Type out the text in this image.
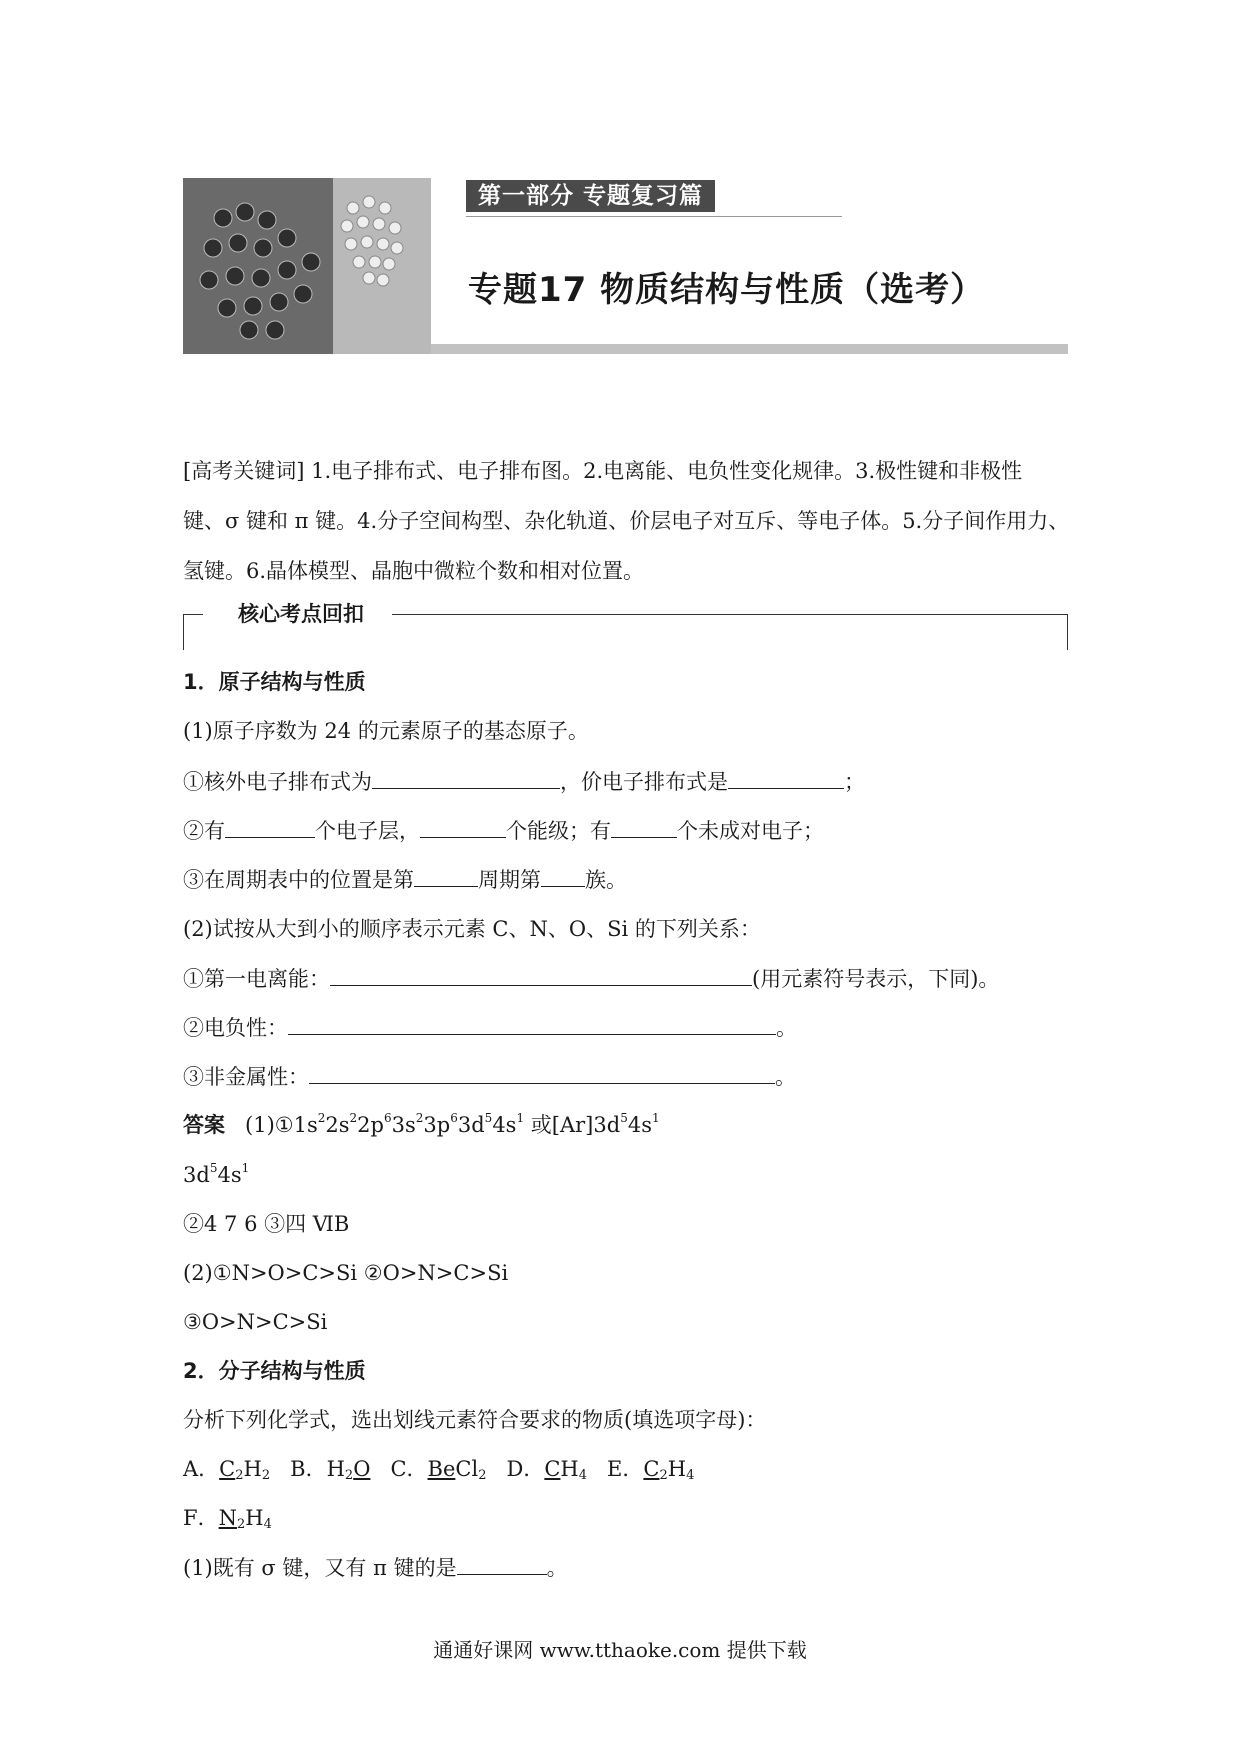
第一部分 专题复习篇
专题17 物质结构与性质（选考）
[高考关键词] 1.电子排布式、电子排布图。2.电离能、电负性变化规律。3.极性键和非极性
键、σ 键和 π 键。4.分子空间构型、杂化轨道、价层电子对互斥、等电子体。5.分子间作用力、
氢键。6.晶体模型、晶胞中微粒个数和相对位置。
核心考点回扣
1．原子结构与性质
(1)原子序数为 24 的元素原子的基态原子。
①核外电子排布式为	，价电子排布式是	；
②有	个电子层，	个能级；有	个未成对电子；
③在周期表中的位置是第	周期第 族。
(2)试按从大到小的顺序表示元素 C、N、O、Si 的下列关系：
①第一电离能：	(用元素符号表示，下同)。
②电负性：	。
③非金属性：	。
答案 $(1)①1s^22s^22p^63s^23p^63d^54s^1$ 或$[Ar]3d^54s^1$
$3d^54s^1$
②4 7 6 ③四 ⅥB
(2)①N>O>C>Si ②O>N>C>Si
③O>N>C>Si
2．分子结构与性质
分析下列化学式，选出划线元素符合要求的物质(填选项字母)：
A．$C_2H_2$   B．$H_2O$   C．BeCl$_2$   D．$CH_4$   E．$C_2H_4$
F．$N_2H_4$
(1)既有 σ 键，又有 π 键的是	。
通通好课网 www.tthaoke.com 提供下载
